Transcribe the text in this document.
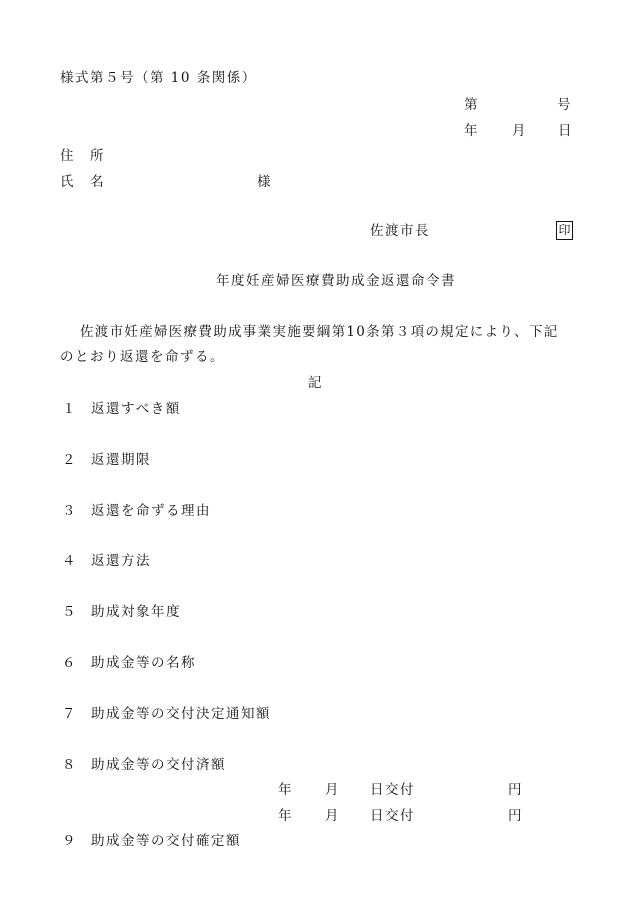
様式第５号（第 10 条関係）
第	号
年 月 日
住　所
氏　名	様
佐渡市長	印
年度妊産婦医療費助成金返還命令書
佐渡市妊産婦医療費助成事業実施要綱第10条第３項の規定により、下記
のとおり返還を命ずる。
記
１ 返還すべき額
２ 返還期限
３ 返還を命ずる理由
４ 返還方法
５ 助成対象年度
６ 助成金等の名称
７ 助成金等の交付決定通知額
８ 助成金等の交付済額
年 月 日交付	円
年 月 日交付	円
９ 助成金等の交付確定額
